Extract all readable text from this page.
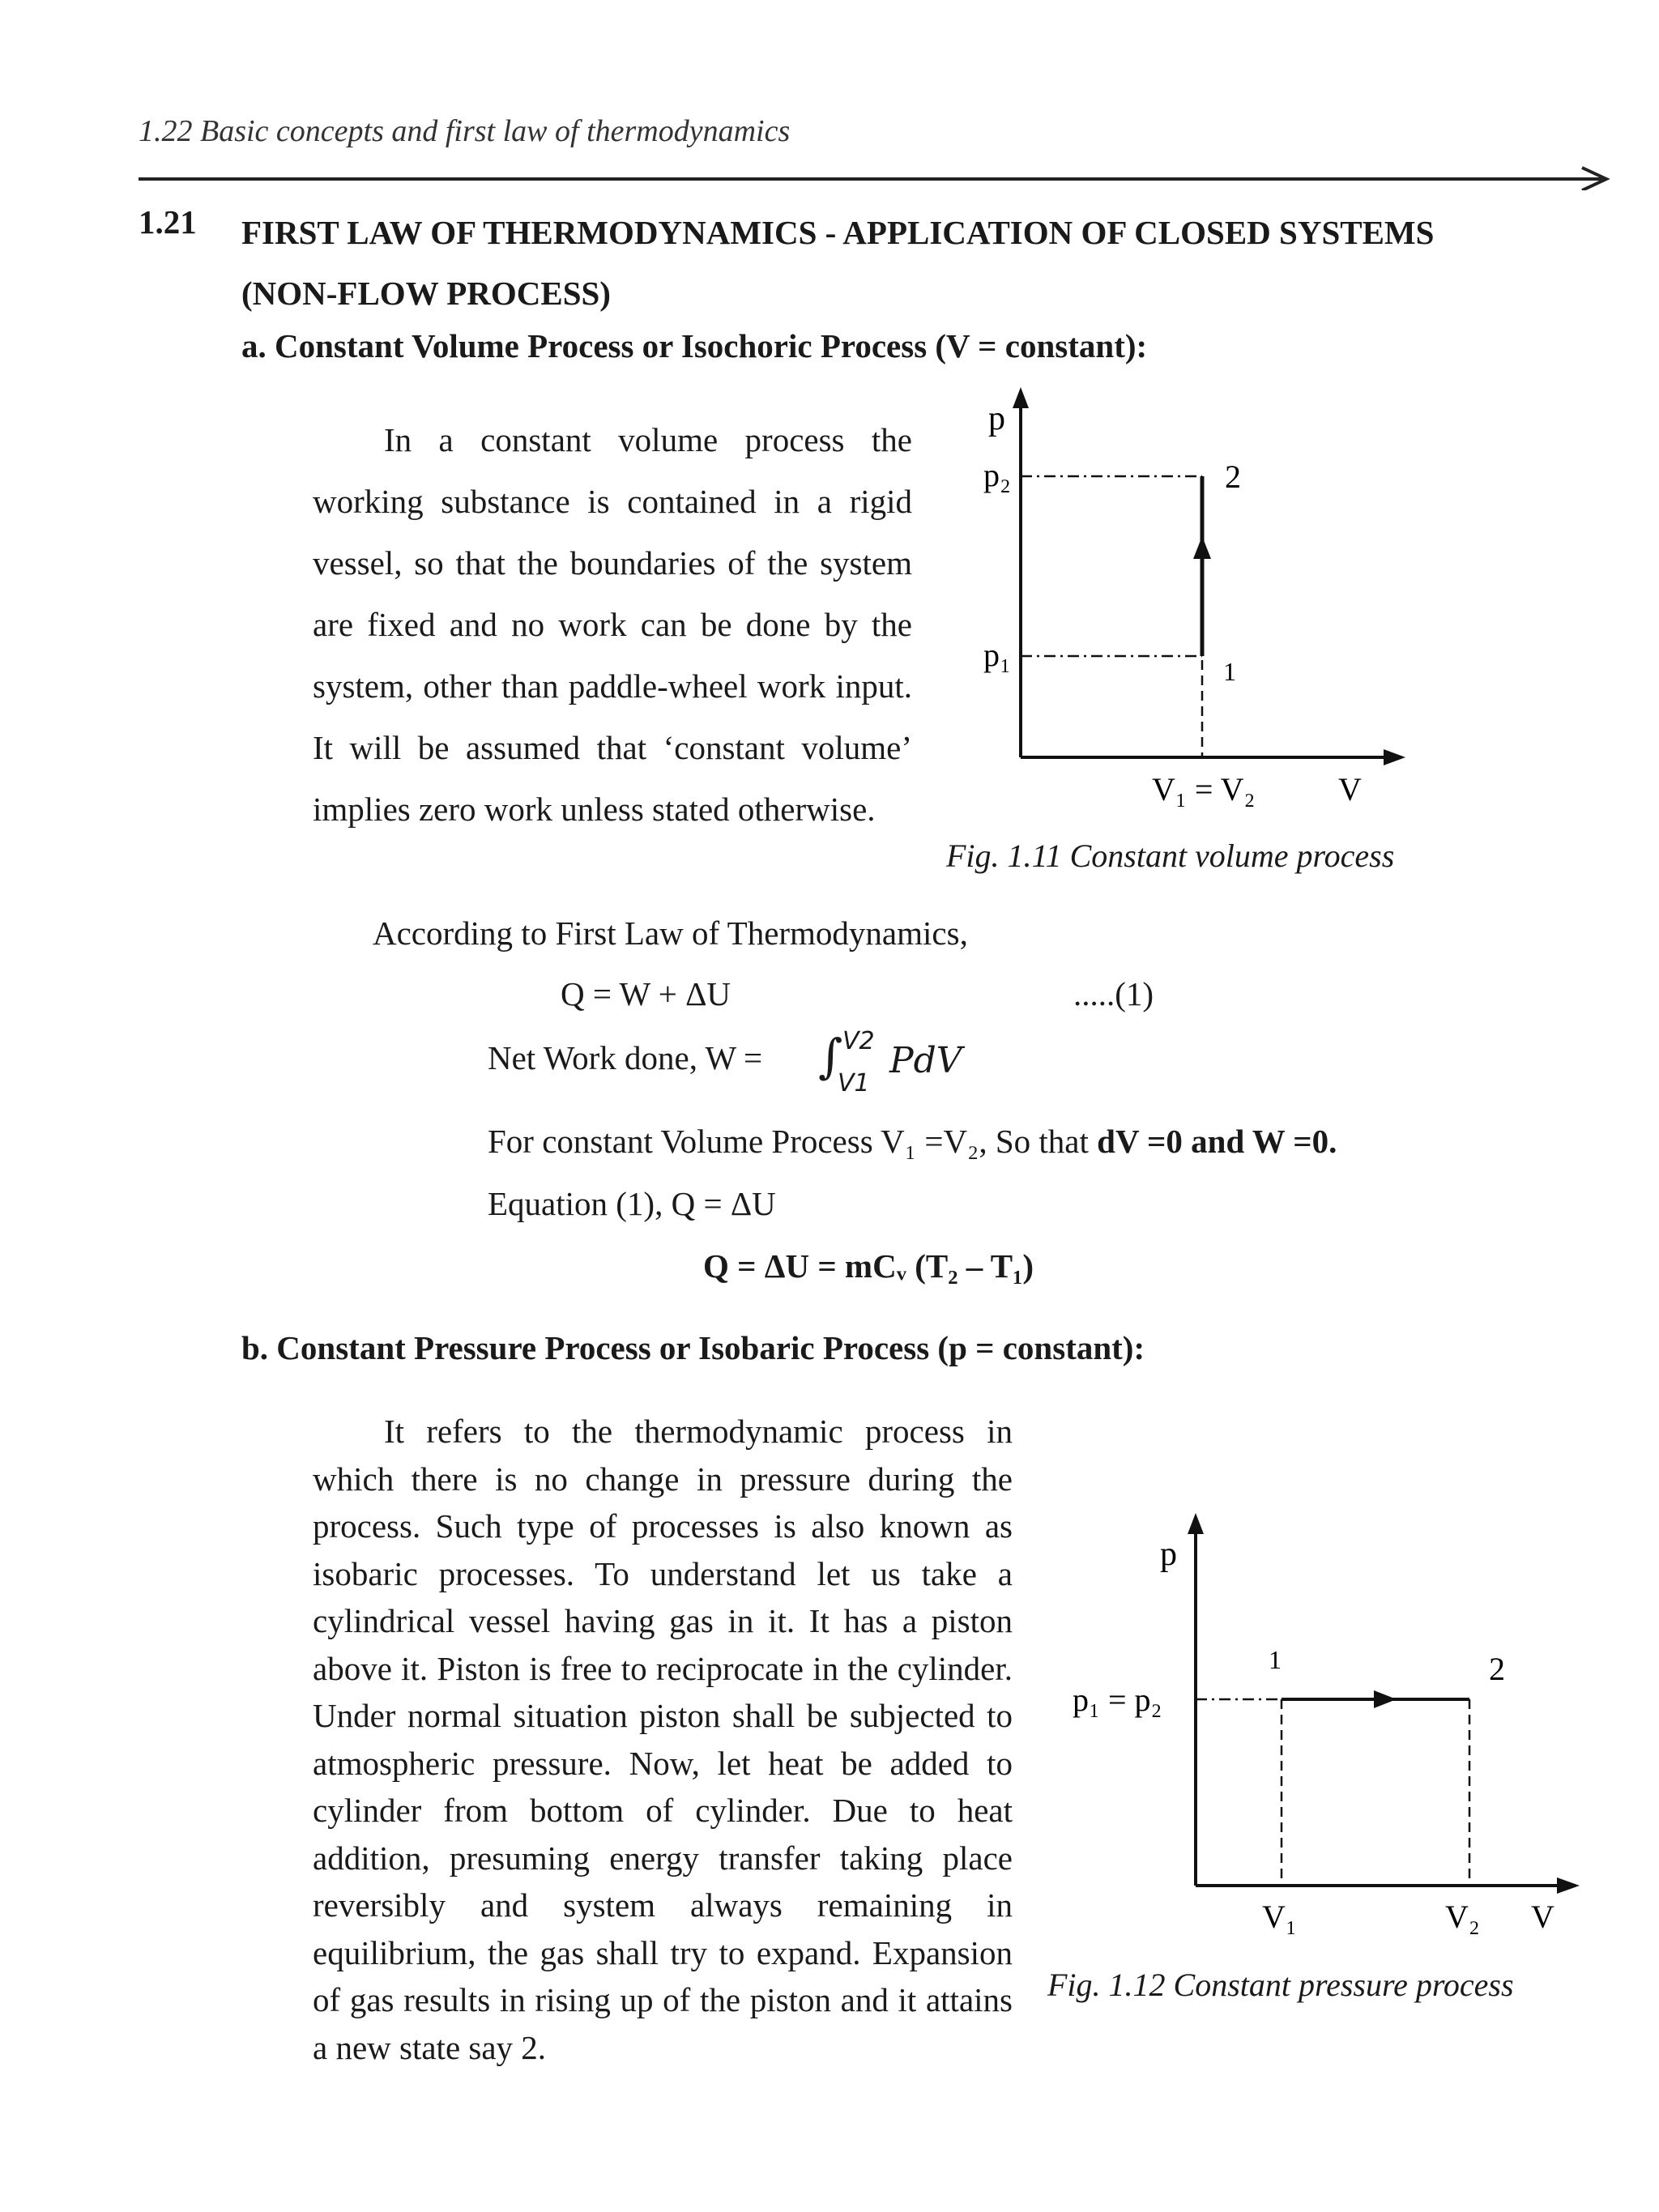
1.22 Basic concepts and first law of thermodynamics
1.21 FIRST LAW OF THERMODYNAMICS - APPLICATION OF CLOSED SYSTEMS (NON-FLOW PROCESS)
a. Constant Volume Process or Isochoric Process (V = constant):
In a constant volume process the working substance is contained in a rigid vessel, so that the boundaries of the system are fixed and no work can be done by the system, other than paddle-wheel work input. It will be assumed that ‘constant volume’ implies zero work unless stated otherwise.
p
p₂
p₁
2
1
V₁ = V₂	V
Fig. 1.11 Constant volume process
According to First Law of Thermodynamics,
Q = W + ΔU	.....(1)
Net Work done, W = ∫ V2
V1
PdV
For constant Volume Process V₁ =V₂, So that dV =0 and W =0.
Equation (1), Q = ΔU
Q = ΔU = mCᵥ (T₂ – T₁)
b. Constant Pressure Process or Isobaric Process (p = constant):
It refers to the thermodynamic process in which there is no change in pressure during the process. Such type of processes is also known as isobaric processes. To understand let us take a cylindrical vessel having gas in it. It has a piston above it. Piston is free to reciprocate in the cylinder. Under normal situation piston shall be subjected to atmospheric pressure. Now, let heat be added to cylinder from bottom of cylinder. Due to heat addition, presuming energy transfer taking place reversibly and system always remaining in equilibrium, the gas shall try to expand. Expansion of gas results in rising up of the piston and it attains a new state say 2.
p
p₁ = p₂
1	2
V₁	V₂ V
Fig. 1.12 Constant pressure process
